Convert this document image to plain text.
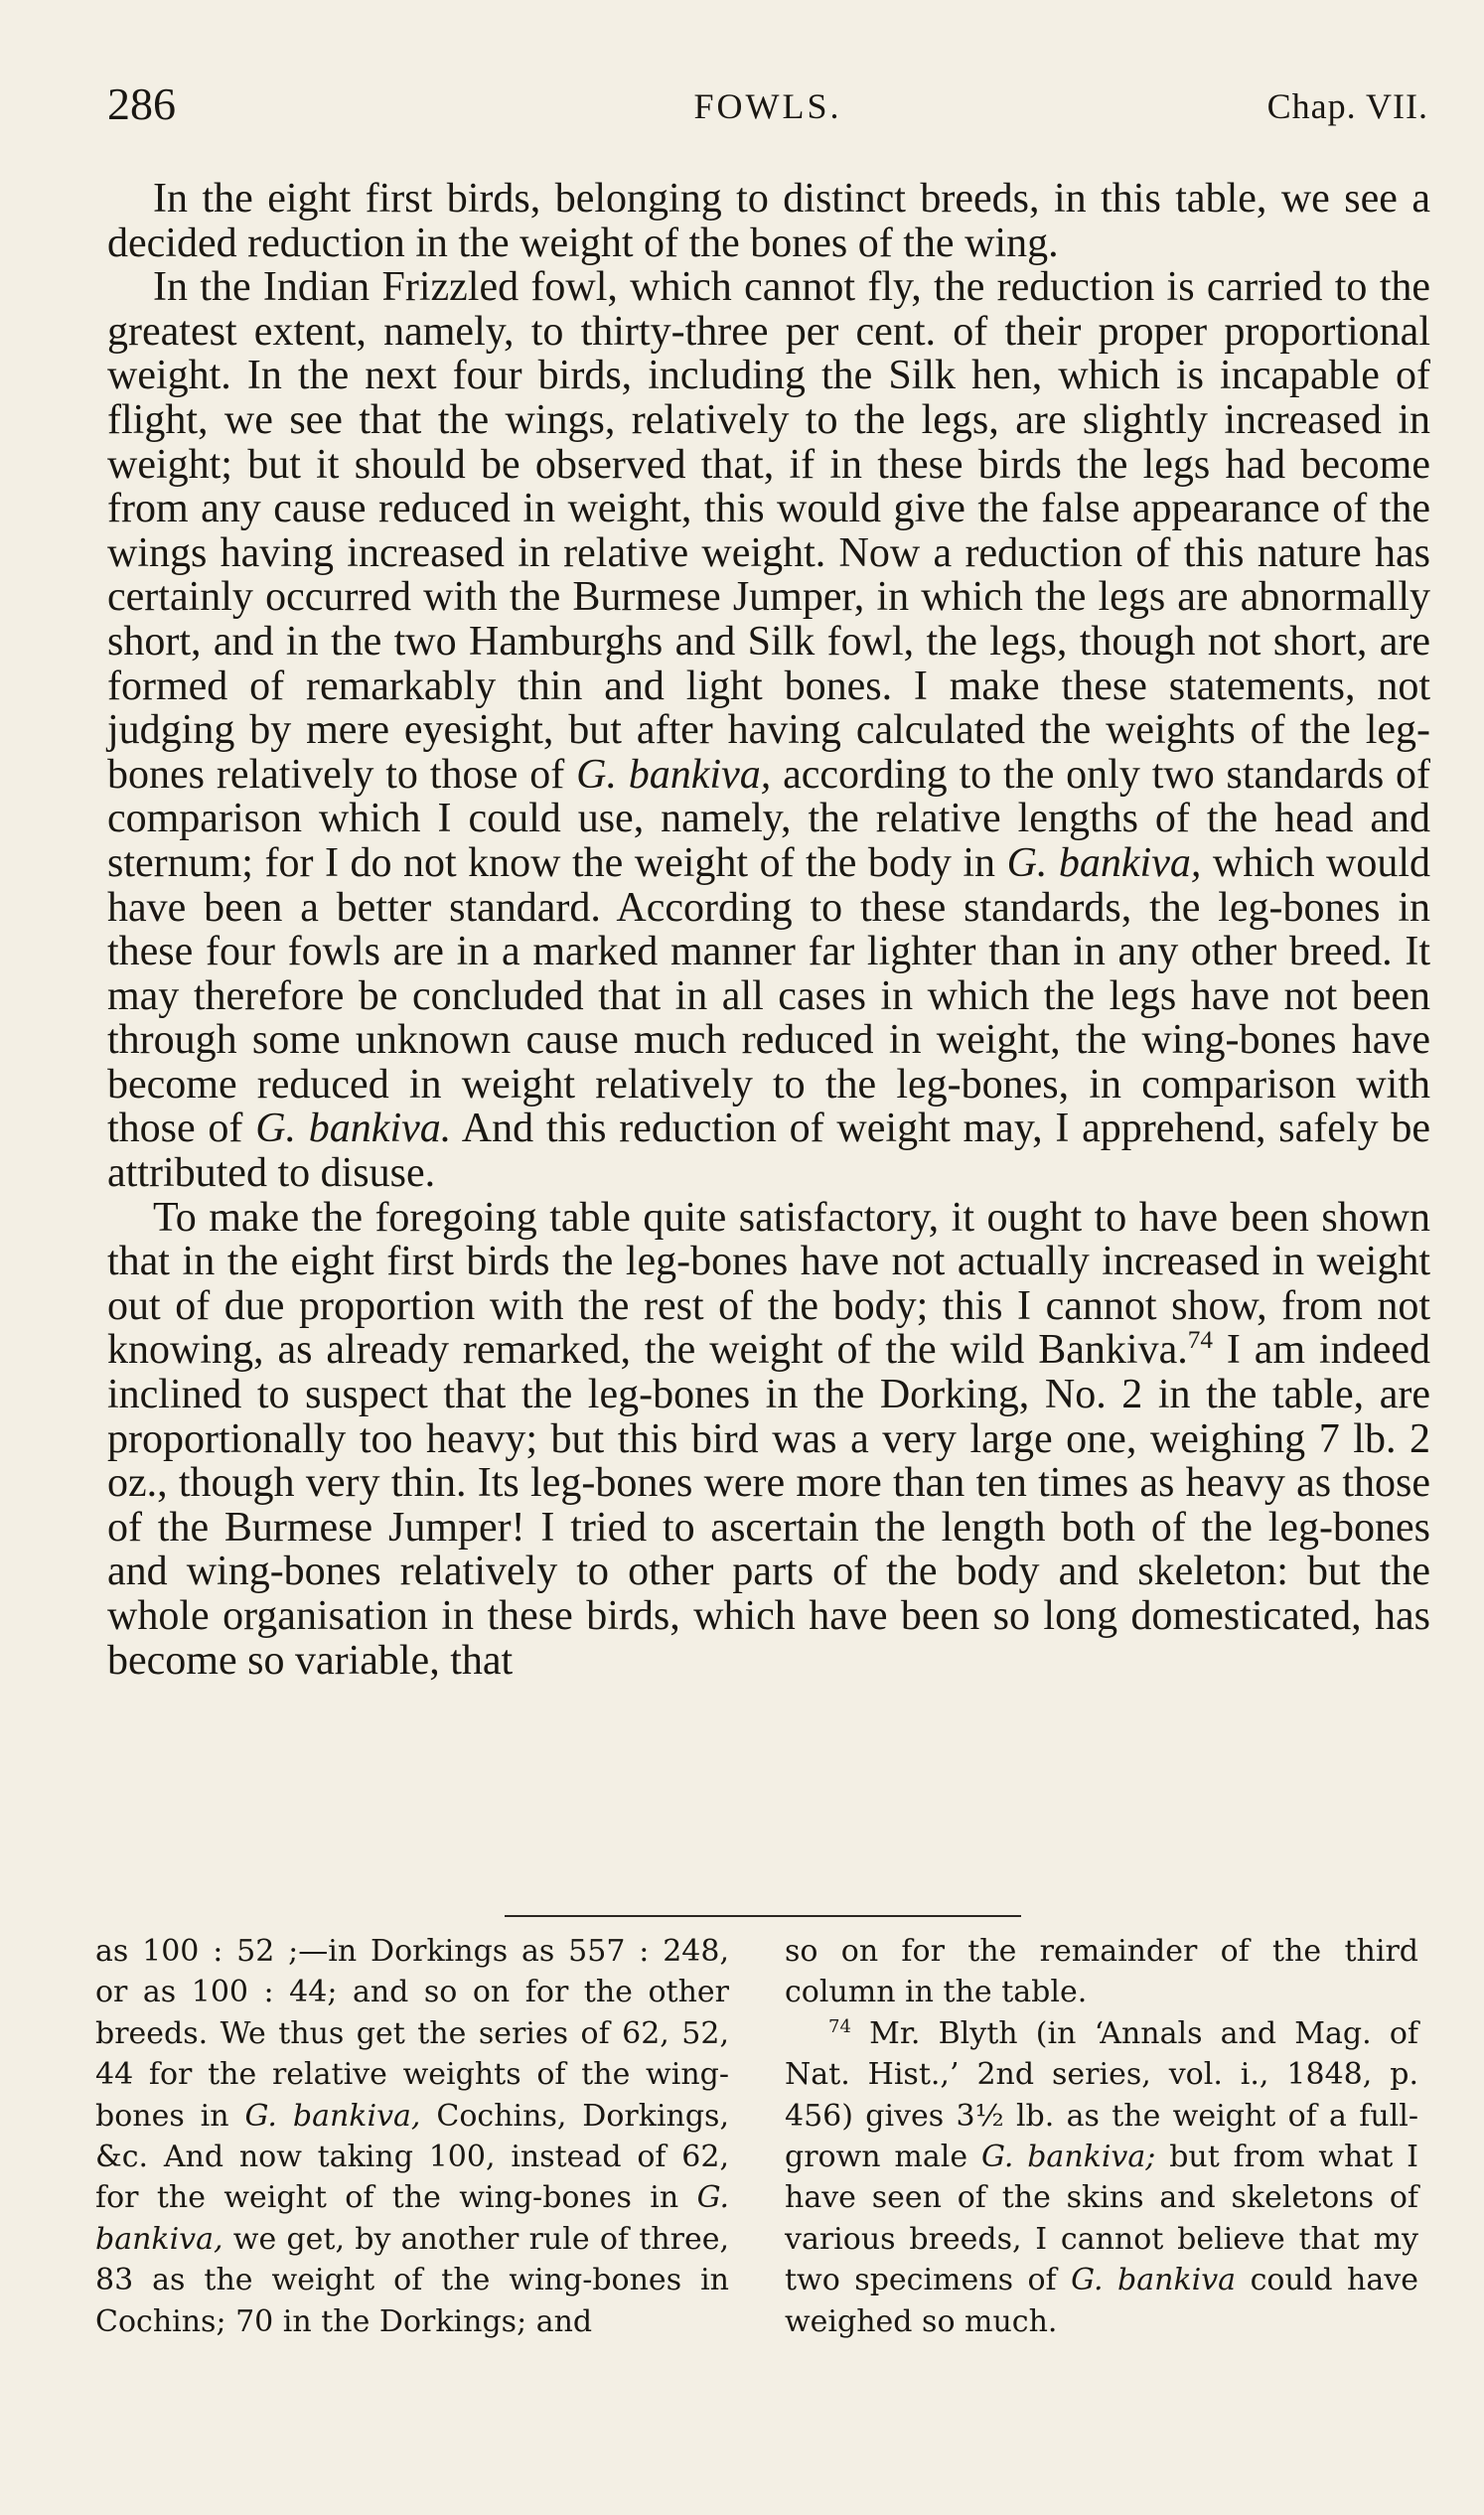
286	FOWLS.	Chap. VII.

In the eight first birds, belonging to distinct breeds, in this table, we see a decided reduction in the weight of the bones of the wing.

In the Indian Frizzled fowl, which cannot fly, the reduction is carried to the greatest extent, namely, to thirty-three per cent. of their proper proportional weight. In the next four birds, including the Silk hen, which is incapable of flight, we see that the wings, relatively to the legs, are slightly increased in weight; but it should be observed that, if in these birds the legs had become from any cause reduced in weight, this would give the false appearance of the wings having increased in relative weight. Now a reduction of this nature has certainly occurred with the Burmese Jumper, in which the legs are abnormally short, and in the two Hamburghs and Silk fowl, the legs, though not short, are formed of remarkably thin and light bones. I make these statements, not judging by mere eyesight, but after having calculated the weights of the leg-bones relatively to those of G. bankiva, according to the only two standards of comparison which I could use, namely, the relative lengths of the head and sternum; for I do not know the weight of the body in G. bankiva, which would have been a better standard. According to these standards, the leg-bones in these four fowls are in a marked manner far lighter than in any other breed. It may therefore be concluded that in all cases in which the legs have not been through some unknown cause much reduced in weight, the wing-bones have become reduced in weight relatively to the leg-bones, in comparison with those of G. bankiva. And this reduction of weight may, I apprehend, safely be attributed to disuse.

To make the foregoing table quite satisfactory, it ought to have been shown that in the eight first birds the leg-bones have not actually increased in weight out of due proportion with the rest of the body; this I cannot show, from not knowing, as already remarked, the weight of the wild Bankiva.$^{74}$ I am indeed inclined to suspect that the leg-bones in the Dorking, No. 2 in the table, are proportionally too heavy; but this bird was a very large one, weighing 7 lb. 2 oz., though very thin. Its leg-bones were more than ten times as heavy as those of the Burmese Jumper! I tried to ascertain the length both of the leg-bones and wing-bones relatively to other parts of the body and skeleton: but the whole organisation in these birds, which have been so long domesticated, has become so variable, that

as 100 : 52 ;—in Dorkings as 557 : 248, or as 100 : 44; and so on for the other breeds. We thus get the series of 62, 52, 44 for the relative weights of the wing-bones in G. bankiva, Cochins, Dorkings, &c. And now taking 100, instead of 62, for the weight of the wing-bones in G. bankiva, we get, by another rule of three, 83 as the weight of the wing-bones in Cochins; 70 in the Dorkings; and

so on for the remainder of the third column in the table.

$^{74}$ Mr. Blyth (in ‘Annals and Mag. of Nat. Hist.,’ 2nd series, vol. i., 1848, p. 456) gives 3½ lb. as the weight of a full-grown male G. bankiva; but from what I have seen of the skins and skeletons of various breeds, I cannot believe that my two specimens of G. bankiva could have weighed so much.
